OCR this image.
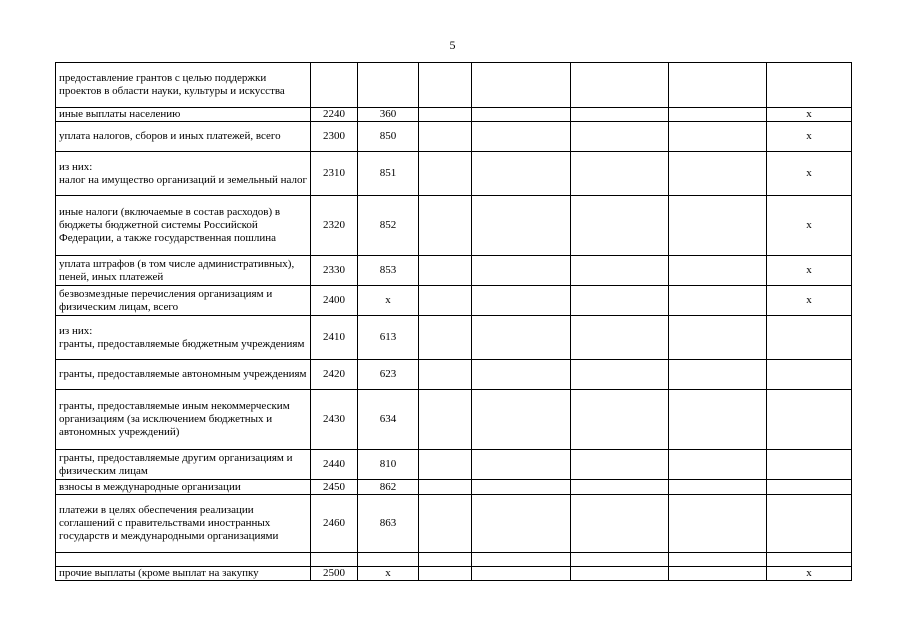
5
предоставление грантов с целью поддержки проектов в области науки, культуры и искусства							
иные выплаты населению	2240	360					x
уплата налогов, сборов и иных платежей, всего	2300	850					x
из них:
налог на имущество организаций и земельный налог	2310	851					x
иные налоги (включаемые в состав расходов) в бюджеты бюджетной системы Российской Федерации, а также государственная пошлина	2320	852					x
уплата штрафов (в том числе административных), пеней, иных платежей	2330	853					x
безвозмездные перечисления организациям и физическим лицам, всего	2400	x					x
из них:
гранты, предоставляемые бюджетным учреждениям	2410	613					
гранты, предоставляемые автономным учреждениям	2420	623					
гранты, предоставляемые иным некоммерческим организациям (за исключением бюджетных и автономных учреждений)	2430	634					
гранты, предоставляемые другим организациям и физическим лицам	2440	810					
взносы в международные организации	2450	862					
платежи в целях обеспечения реализации соглашений с правительствами иностранных государств и международными организациями	2460	863					

прочие выплаты (кроме выплат на закупку	2500	x					x
